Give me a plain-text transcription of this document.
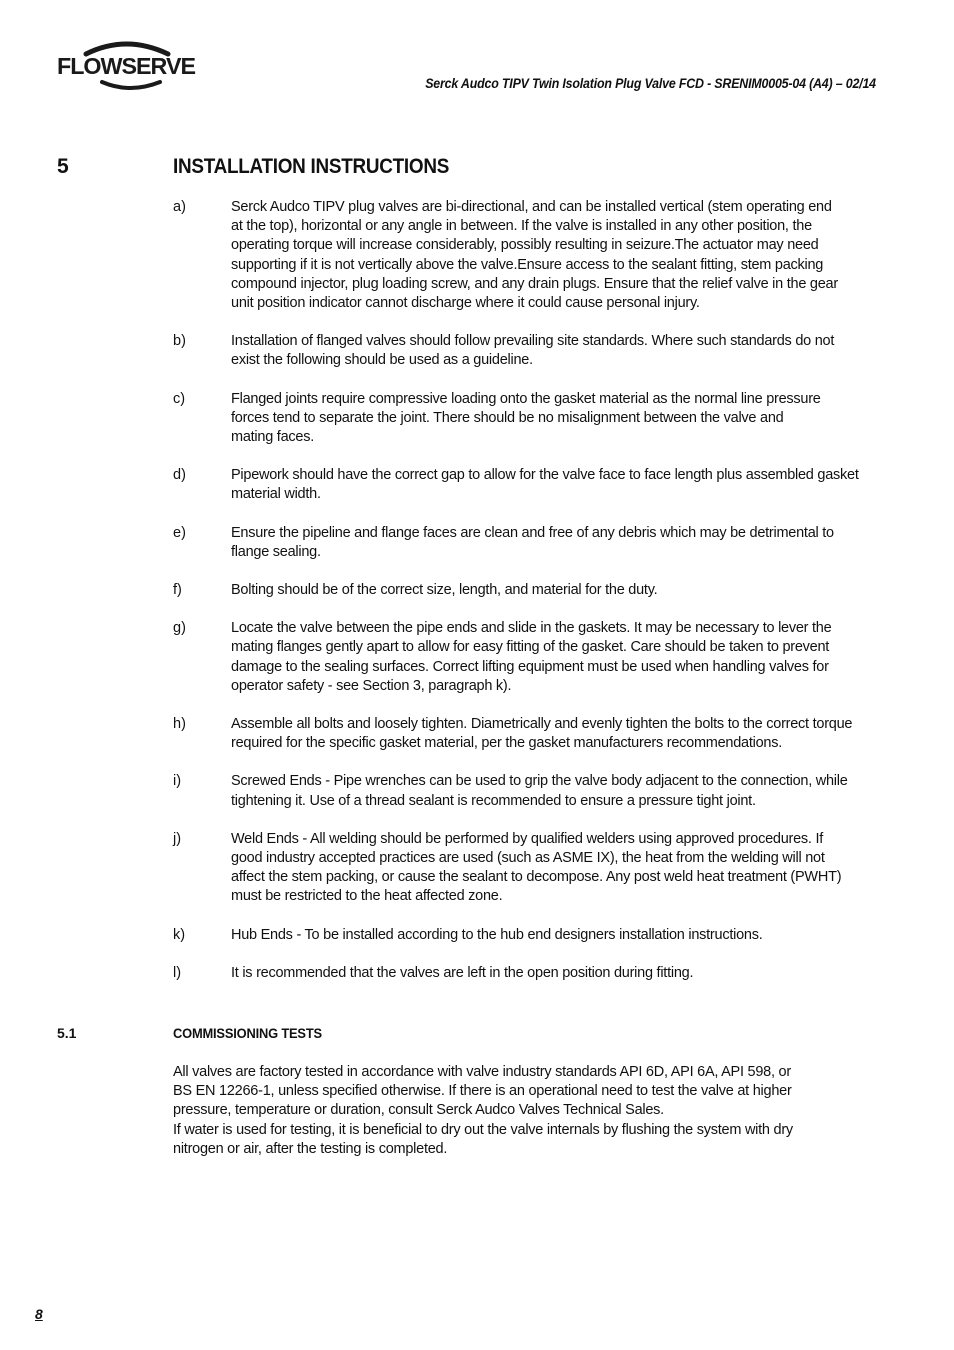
FLOWSERVE
Serck Audco TIPV Twin Isolation Plug Valve FCD - SRENIM0005-04 (A4) – 02/14
5	INSTALLATION INSTRUCTIONS
a)	Serck Audco TIPV plug valves are bi-directional, and can be installed vertical (stem operating end
at the top), horizontal or any angle in between. If the valve is installed in any other position, the
operating torque will increase considerably, possibly resulting in seizure.The actuator may need
supporting if it is not vertically above the valve.Ensure access to the sealant fitting, stem packing
compound injector, plug loading screw, and any drain plugs. Ensure that the relief valve in the gear
unit position indicator cannot discharge where it could cause personal injury.
b)	Installation of flanged valves should follow prevailing site standards. Where such standards do not
exist the following should be used as a guideline.
c)	Flanged joints require compressive loading onto the gasket material as the normal line pressure
forces tend to separate the joint. There should be no misalignment between the valve and
mating faces.
d)	Pipework should have the correct gap to allow for the valve face to face length plus assembled gasket
material width.
e)	Ensure the pipeline and flange faces are clean and free of any debris which may be detrimental to
flange sealing.
f)	Bolting should be of the correct size, length, and material for the duty.
g)	Locate the valve between the pipe ends and slide in the gaskets. It may be necessary to lever the
mating flanges gently apart to allow for easy fitting of the gasket. Care should be taken to prevent
damage to the sealing surfaces. Correct lifting equipment must be used when handling valves for
operator safety - see Section 3, paragraph k).
h)	Assemble all bolts and loosely tighten. Diametrically and evenly tighten the bolts to the correct torque
required for the specific gasket material, per the gasket manufacturers recommendations.
i)	Screwed Ends - Pipe wrenches can be used to grip the valve body adjacent to the connection, while
tightening it. Use of a thread sealant is recommended to ensure a pressure tight joint.
j)	Weld Ends - All welding should be performed by qualified welders using approved procedures. If
good industry accepted practices are used (such as ASME IX), the heat from the welding will not
affect the stem packing, or cause the sealant to decompose. Any post weld heat treatment (PWHT)
must be restricted to the heat affected zone.
k)	Hub Ends - To be installed according to the hub end designers installation instructions.
l)	It is recommended that the valves are left in the open position during fitting.
5.1	COMMISSIONING TESTS
All valves are factory tested in accordance with valve industry standards API 6D, API 6A, API 598, or
BS EN 12266-1, unless specified otherwise. If there is an operational need to test the valve at higher
pressure, temperature or duration, consult Serck Audco Valves Technical Sales.
If water is used for testing, it is beneficial to dry out the valve internals by flushing the system with dry
nitrogen or air, after the testing is completed.
8
